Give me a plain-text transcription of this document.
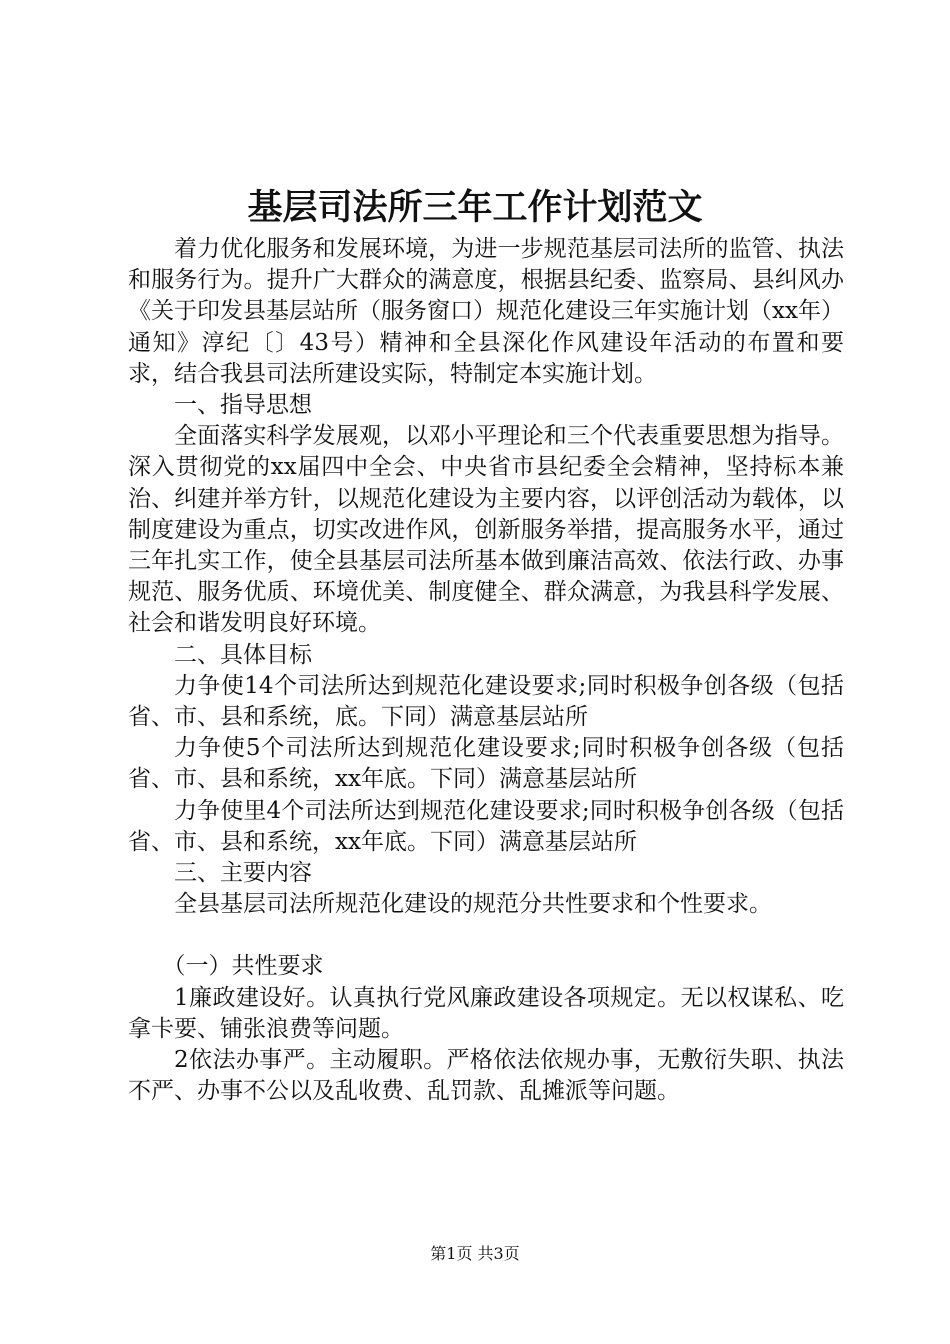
基层司法所三年工作计划范文

着力优化服务和发展环境，为进一步规范基层司法所的监管、执法和服务行为。提升广大群众的满意度，根据县纪委、监察局、县纠风办《关于印发县基层站所（服务窗口）规范化建设三年实施计划（xx年）通知》淳纪〔〕43号）精神和全县深化作风建设年活动的布置和要求，结合我县司法所建设实际，特制定本实施计划。

一、指导思想

全面落实科学发展观，以邓小平理论和三个代表重要思想为指导。深入贯彻党的xx届四中全会、中央省市县纪委全会精神，坚持标本兼治、纠建并举方针，以规范化建设为主要内容，以评创活动为载体，以制度建设为重点，切实改进作风，创新服务举措，提高服务水平，通过三年扎实工作，使全县基层司法所基本做到廉洁高效、依法行政、办事规范、服务优质、环境优美、制度健全、群众满意，为我县科学发展、社会和谐发明良好环境。

二、具体目标

力争使14个司法所达到规范化建设要求;同时积极争创各级（包括省、市、县和系统，底。下同）满意基层站所

力争使5个司法所达到规范化建设要求;同时积极争创各级（包括省、市、县和系统，xx年底。下同）满意基层站所

力争使里4个司法所达到规范化建设要求;同时积极争创各级（包括省、市、县和系统，xx年底。下同）满意基层站所

三、主要内容

全县基层司法所规范化建设的规范分共性要求和个性要求。

（一）共性要求

1廉政建设好。认真执行党风廉政建设各项规定。无以权谋私、吃拿卡要、铺张浪费等问题。

2依法办事严。主动履职。严格依法依规办事，无敷衍失职、执法不严、办事不公以及乱收费、乱罚款、乱摊派等问题。

第1页 共3页
